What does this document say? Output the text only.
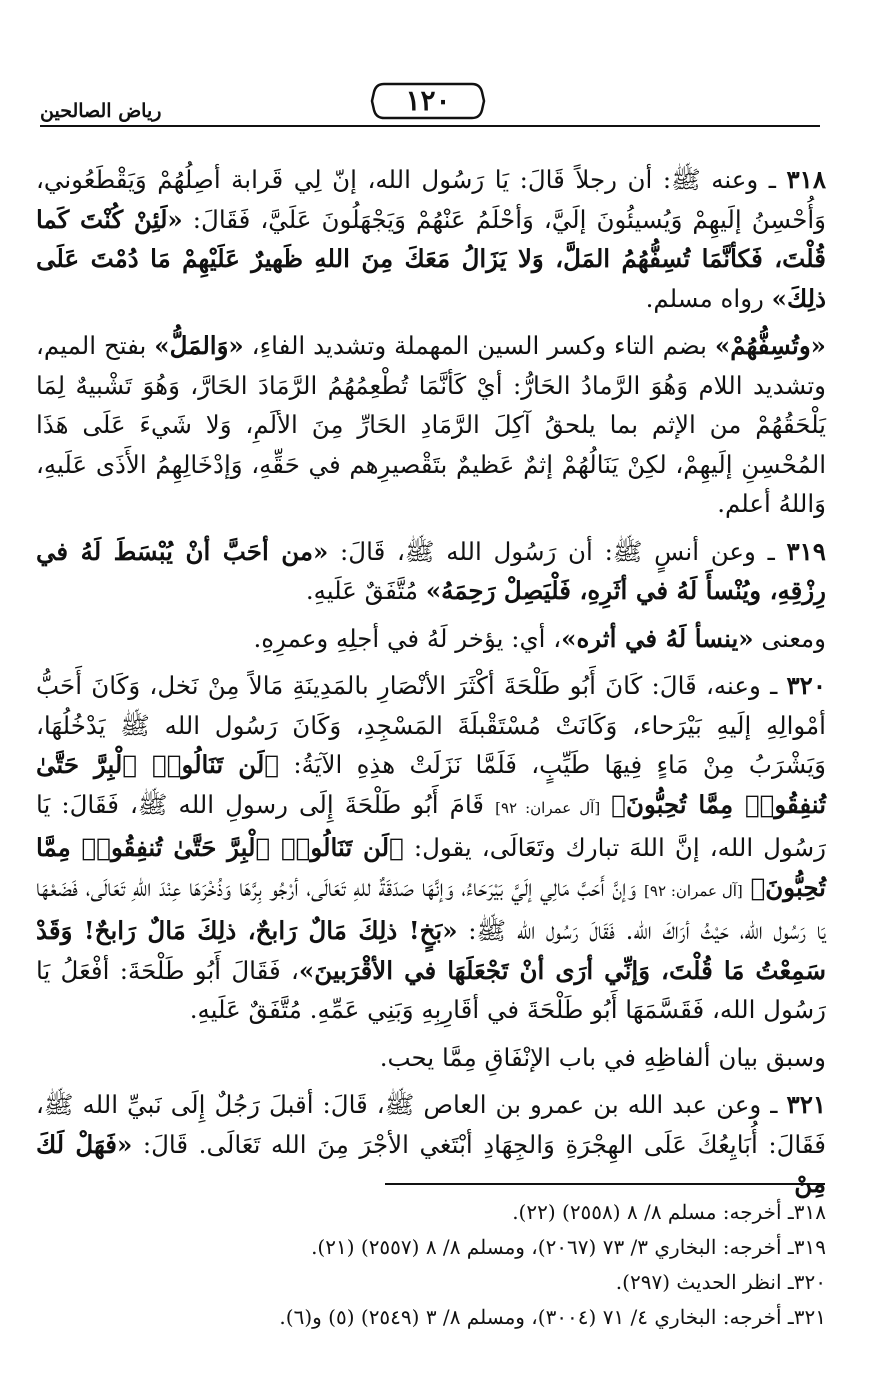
١٢٠
رياض الصالحين

٣١٨ ـ وعنه ﷺ: أن رجلاً قَالَ: يَا رَسُول الله، إنّ لِي قَرابة أصِلُهُمْ وَيَقْطَعُوني، وَأُحْسِنُ إلَيهِمْ وَيُسيئُونَ إلَيَّ، وَأحْلَمُ عَنْهُمْ وَيَجْهَلُونَ عَلَيَّ، فَقَالَ: «لَئِنْ كُنْتَ كَما قُلْتَ، فَكأنَّمَا تُسِفُّهُمُ المَلَّ، وَلا يَزَالُ مَعَكَ مِنَ اللهِ ظَهيرٌ عَلَيْهِمْ مَا دُمْتَ عَلَى ذلِكَ» رواه مسلم.

«وتُسِفُّهُمْ» بضم التاء وكسر السين المهملة وتشديد الفاءِ، «وَالمَلُّ» بفتح الميم، وتشديد اللام وَهُوَ الرَّمادُ الحَارُّ: أيْ كَأنَّمَا تُطْعِمُهُمُ الرَّمَادَ الحَارَّ، وَهُوَ تَشْبيهٌ لِمَا يَلْحَقُهُمْ من الإثم بما يلحقُ آكِلَ الرَّمَادِ الحَارِّ مِنَ الألَمِ، وَلا شَيءَ عَلَى هَذَا المُحْسِنِ إلَيهِمْ، لكِنْ يَنَالُهُمْ إثمٌ عَظيمٌ بتَقْصيرِهم في حَقِّهِ، وَإدْخَالِهِمُ الأَذَى عَلَيهِ، وَاللهُ أعلم.

٣١٩ ـ وعن أنسٍ ﷺ: أن رَسُول الله ﷺ، قَالَ: «من أحَبَّ أنْ يُبْسَطَ لَهُ في رِزْقِهِ، ويُنْسأَ لَهُ في أثَرِهِ، فَلْيَصِلْ رَحِمَهُ» مُتَّفَقٌ عَلَيهِ.

ومعنى «ينسأ لَهُ في أثره»، أي: يؤخر لَهُ في أجلِهِ وعمرِهِ.

٣٢٠ ـ وعنه، قَالَ: كَانَ أَبُو طَلْحَةَ أكْثَرَ الأنْصَارِ بالمَدِينَةِ مَالاً مِنْ نَخل، وَكَانَ أَحَبُّ أمْوالِهِ إلَيهِ بَيْرَحاء، وَكَانَتْ مُسْتَقْبلَةَ المَسْجِدِ، وَكَانَ رَسُول الله ﷺ يَدْخُلُهَا، وَيَشْرَبُ مِنْ مَاءٍ فِيهَا طَيِّبٍ، فَلَمَّا نَزَلَتْ هذِهِ الآيَةُ: ﴿لَن تَنَالُوا۟ ٱلْبِرَّ حَتَّىٰ تُنفِقُوا۟ مِمَّا تُحِبُّونَ﴾ [آل عمران: ٩٢] قَامَ أَبُو طَلْحَةَ إِلَى رسولِ الله ﷺ، فَقَالَ: يَا رَسُول الله، إنَّ اللهَ تبارك وتَعَالَى، يقول: ﴿لَن تَنَالُوا۟ ٱلْبِرَّ حَتَّىٰ تُنفِقُوا۟ مِمَّا تُحِبُّونَ﴾ [آل عمران: ٩٢] وَإنَّ أَحَبَّ مَالِي إلَيَّ بَيْرَحَاءُ، وَإنَّهَا صَدَقَةٌ للهِ تَعَالَى، أرْجُو بِرَّهَا وَذُخْرَهَا عِنْدَ اللهِ تَعَالَى، فَضَعْهَا يَا رَسُول الله، حَيْثُ أرَاكَ الله. فَقَالَ رَسُول الله ﷺ: «بَخٍ! ذلِكَ مَالٌ رَابحٌ، ذلِكَ مَالٌ رَابحٌ! وَقَدْ سَمِعْتُ مَا قُلْتَ، وَإنِّي أرَى أنْ تَجْعَلَهَا في الأقْرَبينَ»، فَقَالَ أَبُو طَلْحَةَ: أفْعَلُ يَا رَسُول الله، فَقَسَّمَهَا أَبُو طَلْحَةَ في أقَارِبِهِ وَبَنِي عَمِّهِ. مُتَّفَقٌ عَلَيهِ.

وسبق بيان ألفاظِهِ في باب الإنْفَاقِ مِمَّا يحب.

٣٢١ ـ وعن عبد الله بن عمرو بن العاص ﷺ، قَالَ: أقبلَ رَجُلٌ إِلَى نَبيِّ الله ﷺ، فَقَالَ: أُبَايِعُكَ عَلَى الهِجْرَةِ وَالجِهَادِ أبْتَغي الأجْرَ مِنَ الله تَعَالَى. قَالَ: «فَهَلْ لَكَ مِنْ

٣١٨ـ أخرجه: مسلم ٨/ ٨ (٢٥٥٨) (٢٢).

٣١٩ـ أخرجه: البخاري ٣/ ٧٣ (٢٠٦٧)، ومسلم ٨/ ٨ (٢٥٥٧) (٢١).

٣٢٠ـ انظر الحديث (٢٩٧).

٣٢١ـ أخرجه: البخاري ٤/ ٧١ (٣٠٠٤)، ومسلم ٨/ ٣ (٢٥٤٩) (٥) و(٦).
